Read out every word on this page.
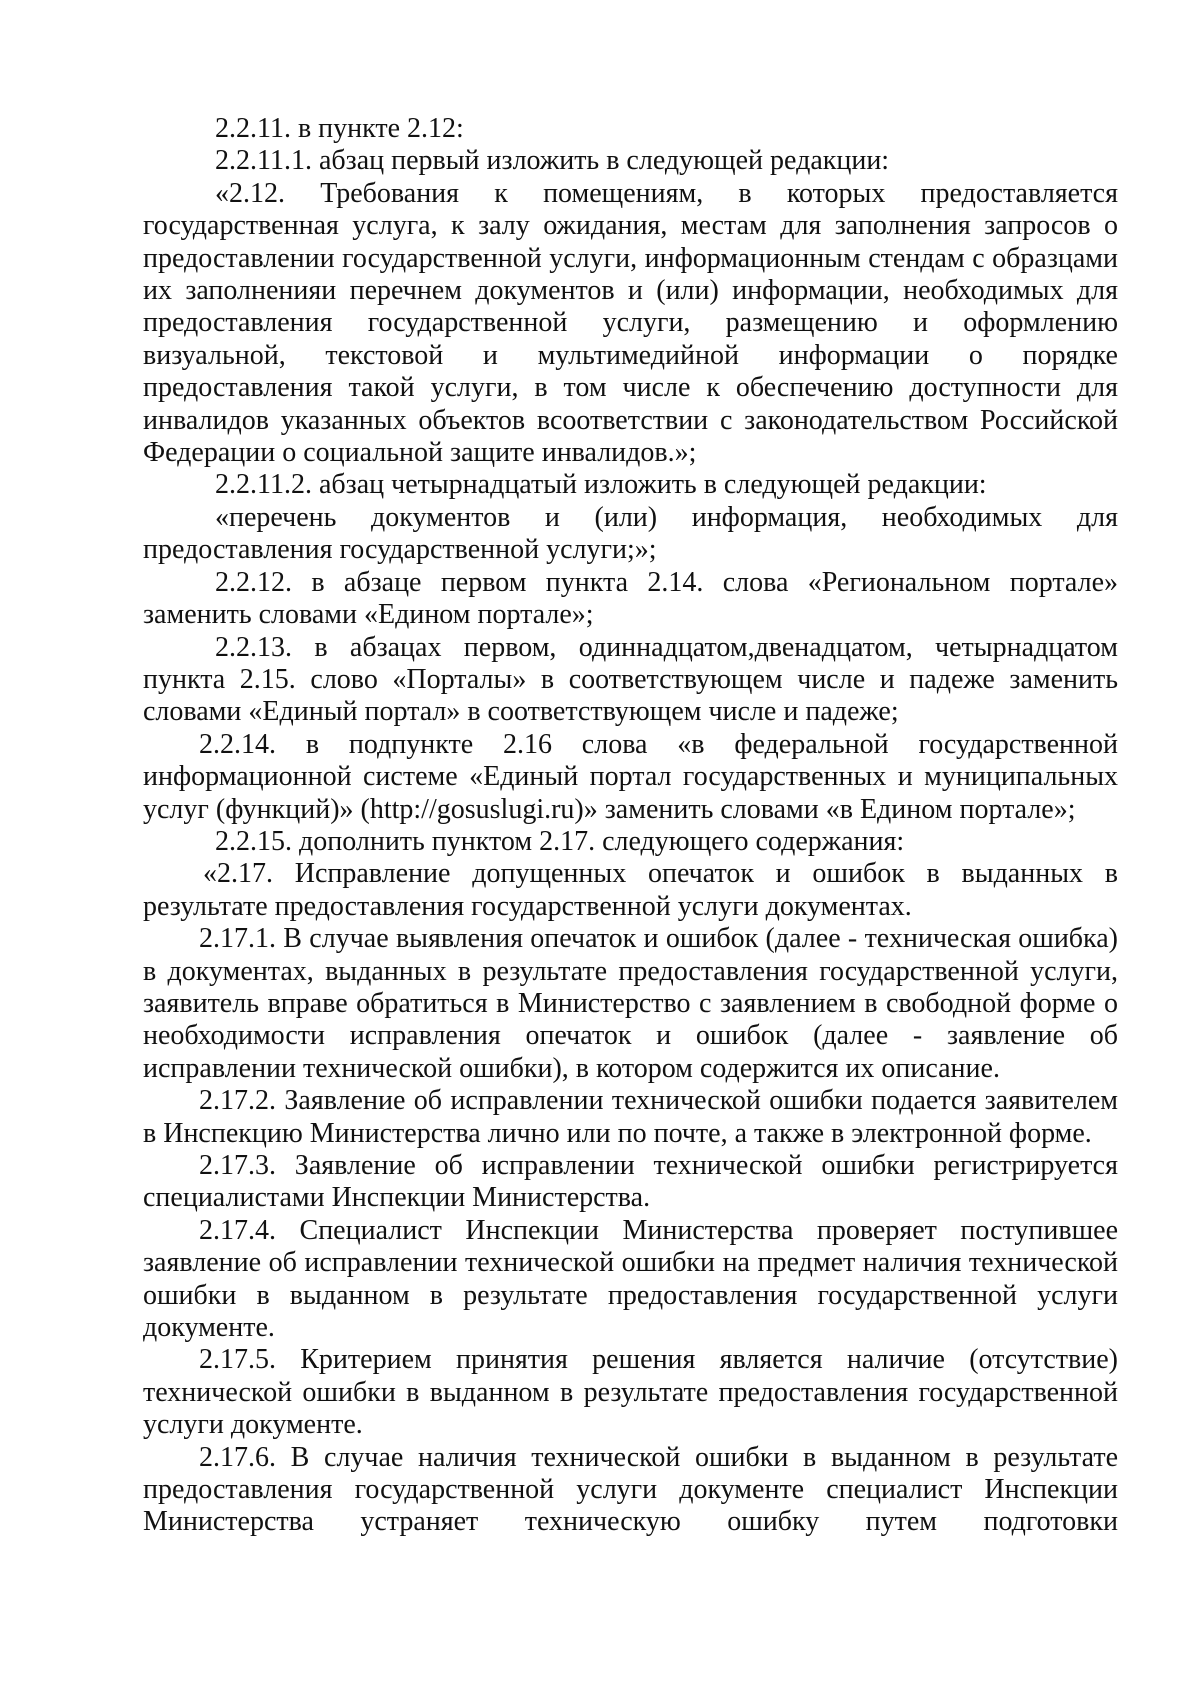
2.2.11. в пункте 2.12:

2.2.11.1. абзац первый изложить в следующей редакции:

«2.12. Требования к помещениям, в которых предоставляется государственная услуга, к залу ожидания, местам для заполнения запросов о предоставлении государственной услуги, информационным стендам с образцами их заполненияи перечнем документов и (или) информации, необходимых для предоставления государственной услуги, размещению и оформлению визуальной, текстовой и мультимедийной информации о порядке предоставления такой услуги, в том числе к обеспечению доступности для инвалидов указанных объектов всоответствии с законодательством Российской Федерации о социальной защите инвалидов.»;

2.2.11.2. абзац четырнадцатый изложить в следующей редакции:

«перечень документов и (или) информация, необходимых для предоставления государственной услуги;»;

2.2.12. в абзаце первом пункта 2.14. слова «Региональном портале» заменить словами «Едином портале»;

2.2.13. в абзацах первом, одиннадцатом,двенадцатом, четырнадцатом пункта 2.15. слово «Порталы» в соответствующем числе и падеже заменить словами «Единый портал» в соответствующем числе и падеже;

2.2.14. в подпункте 2.16 слова «в федеральной государственной информационной системе «Единый портал государственных и муниципальных услуг (функций)» (http://gosuslugi.ru)» заменить словами «в Едином портале»;

2.2.15. дополнить пунктом 2.17. следующего содержания:

«2.17. Исправление допущенных опечаток и ошибок в выданных в результате предоставления государственной услуги документах.

2.17.1. В случае выявления опечаток и ошибок (далее - техническая ошибка) в документах, выданных в результате предоставления государственной услуги, заявитель вправе обратиться в Министерство с заявлением в свободной форме о необходимости исправления опечаток и ошибок (далее - заявление об исправлении технической ошибки), в котором содержится их описание.

2.17.2. Заявление об исправлении технической ошибки подается заявителем в Инспекцию Министерства лично или по почте, а также в электронной форме.

2.17.3. Заявление об исправлении технической ошибки регистрируется специалистами Инспекции Министерства.

2.17.4. Специалист Инспекции Министерства проверяет поступившее заявление об исправлении технической ошибки на предмет наличия технической ошибки в выданном в результате предоставления государственной услуги документе.

2.17.5. Критерием принятия решения является наличие (отсутствие) технической ошибки в выданном в результате предоставления государственной услуги документе.

2.17.6. В случае наличия технической ошибки в выданном в результате предоставления государственной услуги документе специалист Инспекции Министерства устраняет техническую ошибку путем подготовки
